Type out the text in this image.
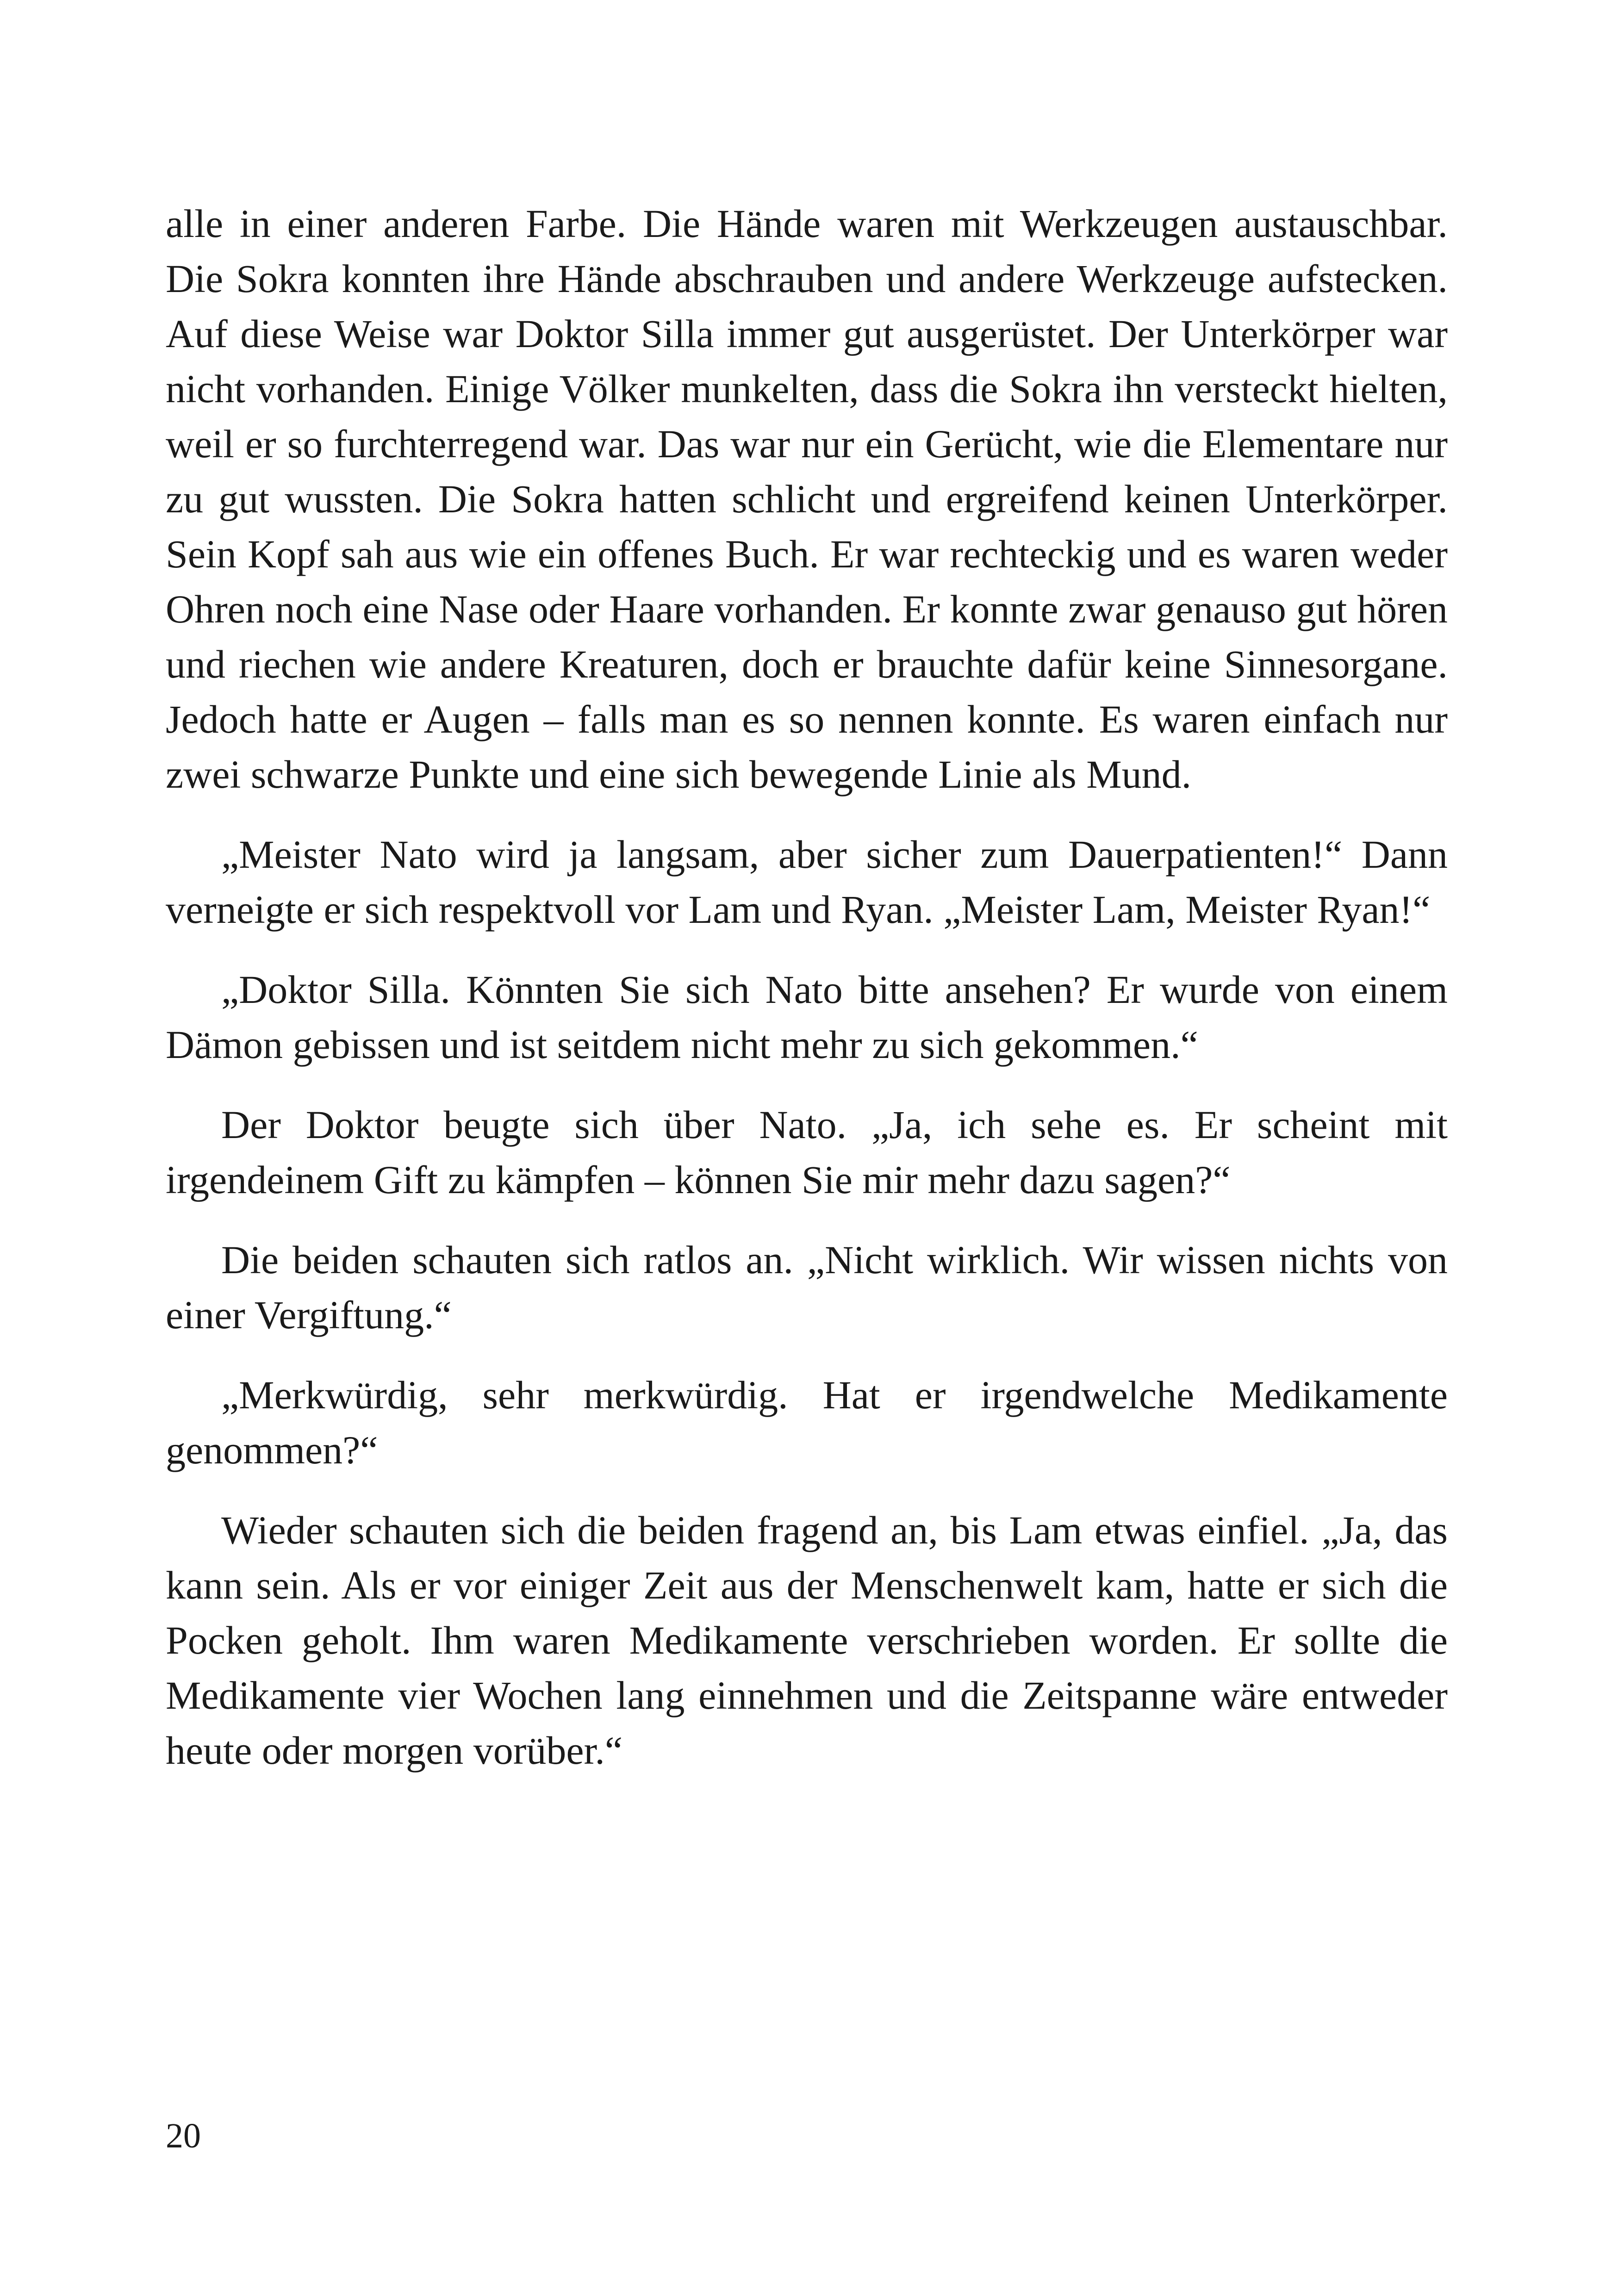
alle in einer anderen Farbe. Die Hände waren mit Werkzeugen austauschbar. Die Sokra konnten ihre Hände abschrauben und andere Werkzeuge aufstecken. Auf diese Weise war Doktor Silla immer gut ausgerüstet. Der Unterkörper war nicht vorhanden. Einige Völker munkelten, dass die Sokra ihn versteckt hielten, weil er so furchterregend war. Das war nur ein Gerücht, wie die Elementare nur zu gut wussten. Die Sokra hatten schlicht und ergreifend keinen Unterkörper. Sein Kopf sah aus wie ein offenes Buch. Er war rechteckig und es waren weder Ohren noch eine Nase oder Haare vorhanden. Er konnte zwar genauso gut hören und riechen wie andere Kreaturen, doch er brauchte dafür keine Sinnesorgane. Jedoch hatte er Augen – falls man es so nennen konnte. Es waren einfach nur zwei schwarze Punkte und eine sich bewegende Linie als Mund.

„Meister Nato wird ja langsam, aber sicher zum Dauerpatienten!“ Dann verneigte er sich respektvoll vor Lam und Ryan. „Meister Lam, Meister Ryan!“

„Doktor Silla. Könnten Sie sich Nato bitte ansehen? Er wurde von einem Dämon gebissen und ist seitdem nicht mehr zu sich gekommen.“

Der Doktor beugte sich über Nato. „Ja, ich sehe es. Er scheint mit irgendeinem Gift zu kämpfen – können Sie mir mehr dazu sagen?“

Die beiden schauten sich ratlos an. „Nicht wirklich. Wir wissen nichts von einer Vergiftung.“

„Merkwürdig, sehr merkwürdig. Hat er irgendwelche Medikamente genommen?“

Wieder schauten sich die beiden fragend an, bis Lam etwas einfiel. „Ja, das kann sein. Als er vor einiger Zeit aus der Menschenwelt kam, hatte er sich die Pocken geholt. Ihm waren Medikamente verschrieben worden. Er sollte die Medikamente vier Wochen lang einnehmen und die Zeitspanne wäre entweder heute oder morgen vorüber.“

20
